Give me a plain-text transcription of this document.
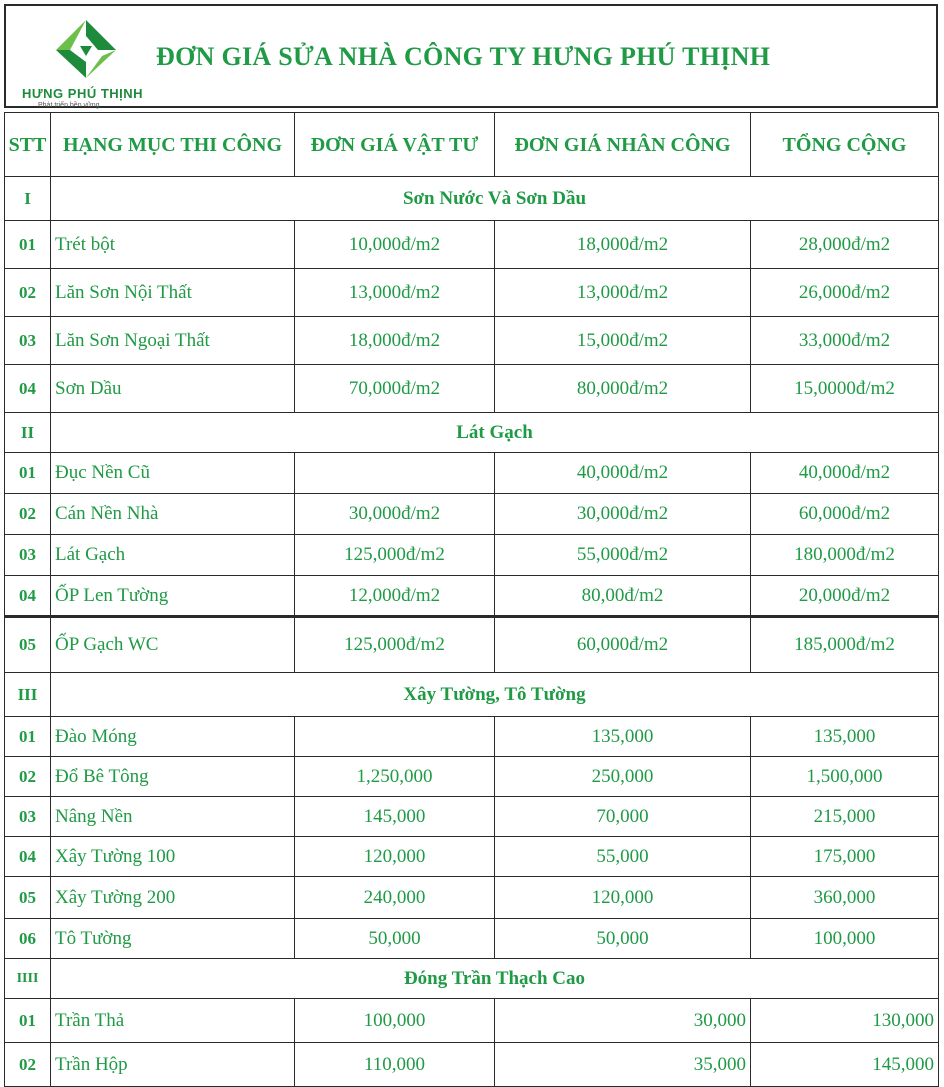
HƯNG PHÚ THỊNH
Phát triển bền vững
ĐƠN GIÁ SỬA NHÀ CÔNG TY HƯNG PHÚ THỊNH
STT	HẠNG MỤC THI CÔNG	ĐƠN GIÁ VẬT TƯ	ĐƠN GIÁ NHÂN CÔNG	TỔNG CỘNG
I	Sơn Nước Và Sơn Dầu			
01	Trét bột	10,000đ/m2	18,000đ/m2	28,000đ/m2
02	Lăn Sơn Nội Thất	13,000đ/m2	13,000đ/m2	26,000đ/m2
03	Lăn Sơn Ngoại Thất	18,000đ/m2	15,000đ/m2	33,000đ/m2
04	Sơn Dầu	70,000đ/m2	80,000đ/m2	15,0000đ/m2
II	Lát Gạch			
01	Đục Nền Cũ		40,000đ/m2	40,000đ/m2
02	Cán Nền Nhà	30,000đ/m2	30,000đ/m2	60,000đ/m2
03	Lát Gạch	125,000đ/m2	55,000đ/m2	180,000đ/m2
04	ỐP Len Tường	12,000đ/m2	80,00đ/m2	20,000đ/m2
05	ỐP Gạch WC	125,000đ/m2	60,000đ/m2	185,000đ/m2
III	Xây Tường, Tô Tường			
01	Đào Móng		135,000	135,000
02	Đổ Bê Tông	1,250,000	250,000	1,500,000
03	Nâng Nền	145,000	70,000	215,000
04	Xây Tường 100	120,000	55,000	175,000
05	Xây Tường 200	240,000	120,000	360,000
06	Tô Tường	50,000	50,000	100,000
IIII	Đóng Trần Thạch Cao			
01	Trần Thả	100,000	30,000	130,000
02	Trần Hộp	110,000	35,000	145,000
